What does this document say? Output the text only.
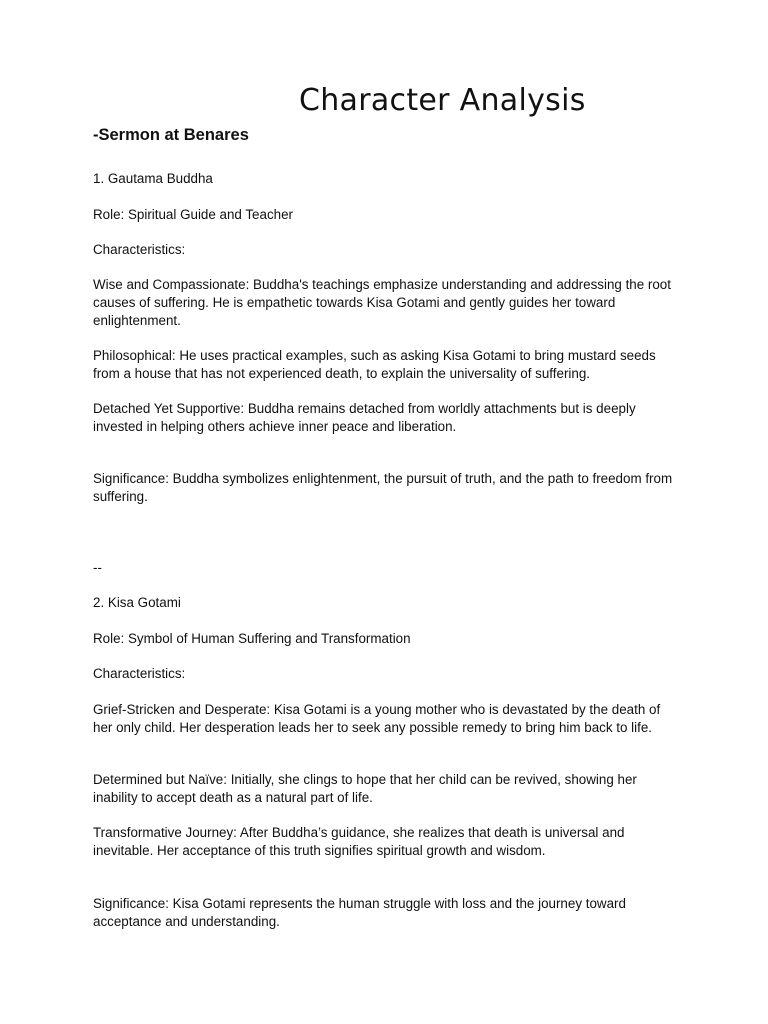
Character Analysis
-Sermon at Benares

1. Gautama Buddha

Role: Spiritual Guide and Teacher

Characteristics:

Wise and Compassionate: Buddha's teachings emphasize understanding and addressing the root causes of suffering. He is empathetic towards Kisa Gotami and gently guides her toward enlightenment.

Philosophical: He uses practical examples, such as asking Kisa Gotami to bring mustard seeds from a house that has not experienced death, to explain the universality of suffering.

Detached Yet Supportive: Buddha remains detached from worldly attachments but is deeply invested in helping others achieve inner peace and liberation.

Significance: Buddha symbolizes enlightenment, the pursuit of truth, and the path to freedom from suffering.

--

2. Kisa Gotami

Role: Symbol of Human Suffering and Transformation

Characteristics:

Grief-Stricken and Desperate: Kisa Gotami is a young mother who is devastated by the death of her only child. Her desperation leads her to seek any possible remedy to bring him back to life.

Determined but Naïve: Initially, she clings to hope that her child can be revived, showing her inability to accept death as a natural part of life.

Transformative Journey: After Buddha’s guidance, she realizes that death is universal and inevitable. Her acceptance of this truth signifies spiritual growth and wisdom.

Significance: Kisa Gotami represents the human struggle with loss and the journey toward acceptance and understanding.
